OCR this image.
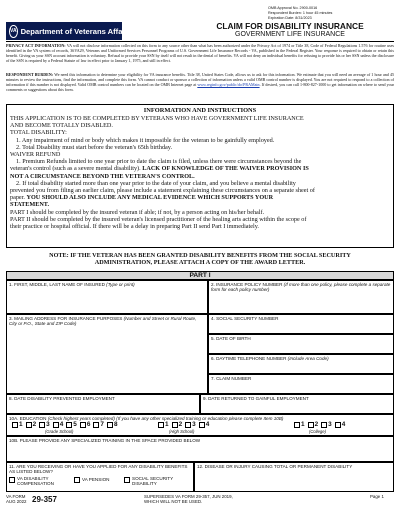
OMB Approval No. 2900-0016
Respondent Burden: 1 hour 45 minutes
Expiration Date: 8/31/2023
VA Department of Veterans Affairs	CLAIM FOR DISABILITY INSURANCE
GOVERNMENT LIFE INSURANCE
PRIVACY ACT INFORMATION: VA will not disclose information collected on this form to any source other than what has been authorized under the Privacy Act of 1974 or Title 38, Code of Federal Regulations 1.576 for routine uses identified in the VA system of records, 36VA29, Veterans and Uniformed Services Personnel Programs of U.S. Government Life Insurance Records - VA, published in the Federal Register. Your response is required to obtain or retain this benefit. Giving us your SSN account information is voluntary. Refusal to provide your SSN by itself will not result in the denial of benefits. VA will not deny an individual benefits for refusing to provide his or her SSN unless the disclosure of the SSN is required by a Federal Statute of law in effect prior to January 1, 1975, and still in effect.
RESPONDENT BURDEN: We need this information to determine your eligibility for VA insurance benefits. Title 38, United States Code, allows us to ask for this information. We estimate that you will need an average of 1 hour and 45 minutes to review the instructions, find the information, and complete this form. VA cannot conduct or sponsor a collection of information unless a valid OMB control number is displayed. You are not required to respond to a collection of information if this number is not displayed. Valid OMB control numbers can be located on the OMB Internet page at www.reginfo.gov/public/do/PRAMain. If desired, you can call 1-800-827-1000 to get information on where to send your comments or suggestions about this form.
INFORMATION AND INSTRUCTIONS
THIS APPLICATION IS TO BE COMPLETED BY VETERANS WHO HAVE GOVERNMENT LIFE INSURANCE
AND BECOME TOTALLY DISABLED.
TOTAL DISABILITY:
1. Any impairment of mind or body which makes it impossible for the veteran to be gainfully employed.
2. Total Disability must start before the veteran's 65th birthday.
WAIVER REFUND
1. Premium Refunds limited to one year prior to date the claim is filed, unless there were circumstances beyond the
veteran's control (such as a severe mental disability). LACK OF KNOWLEDGE OF THE WAIVER PROVISION IS
NOT A CIRCUMSTANCE BEYOND THE VETERAN'S CONTROL.
2. If total disability started more than one year prior to the date of your claim, and you believe a mental disability
prevented you from filing an earlier claim, please include a statement explaining these circumstances on a separate sheet of
paper. YOU SHOULD ALSO INCLUDE ANY MEDICAL EVIDENCE WHICH SUPPORTS YOUR
STATEMENT.
PART I should be completed by the insured veteran if able; if not, by a person acting on his/her behalf.
PART II should be completed by the insured veteran's licensed practitioner of the healing arts acting within the scope of
their practice or hospital official. If there will be a delay in preparing Part II send Part I immediately.
NOTE: IF THE VETERAN HAS BEEN GRANTED DISABILITY BENEFITS FROM THE SOCIAL SECURITY
ADMINISTRATION, PLEASE ATTACH A COPY OF THE AWARD LETTER.
PART I
1. FIRST, MIDDLE, LAST NAME OF INSURED (Type or print)	2. INSURANCE POLICY NUMBER (If more than one policy, please complete a separate form for each policy number)
3. MAILING ADDRESS FOR INSURANCE PURPOSES (Number and Street or Rural Route, City or P.O., State and ZIP Code)
4. SOCIAL SECURITY NUMBER
5. DATE OF BIRTH
6. DAYTIME TELEPHONE NUMBER (Include Area Code)
7. CLAIM NUMBER
8. DATE DISABILITY PREVENTED EMPLOYMENT	9. DATE RETURNED TO GAINFUL EMPLOYMENT
10A. EDUCATION (Check highest years completed) (If you have any other specialized training or education please complete Item 10B)
1 2 3 4 5 6 7 8	1 2 3 4	1 2 3 4
(Grade School)	(High School)	(College)
10B. PLEASE PROVIDE ANY SPECIALIZED TRAINING IN THE SPACE PROVIDED BELOW
11. ARE YOU RECEIVING OR HAVE YOU APPLIED FOR ANY DISABILITY BENEFITS AS LISTED BELOW?
VA DISABILITY COMPENSATION
VA PENSION	SOCIAL SECURITY DISABILITY
12. DISEASE OR INJURY CAUSING TOTAL OR PERMANENT DISABILITY
VA FORM
AUG 2022 29-357	SUPERSEDES VA FORM 29-357, JUN 2019,
WHICH WILL NOT BE USED.
Page 1
